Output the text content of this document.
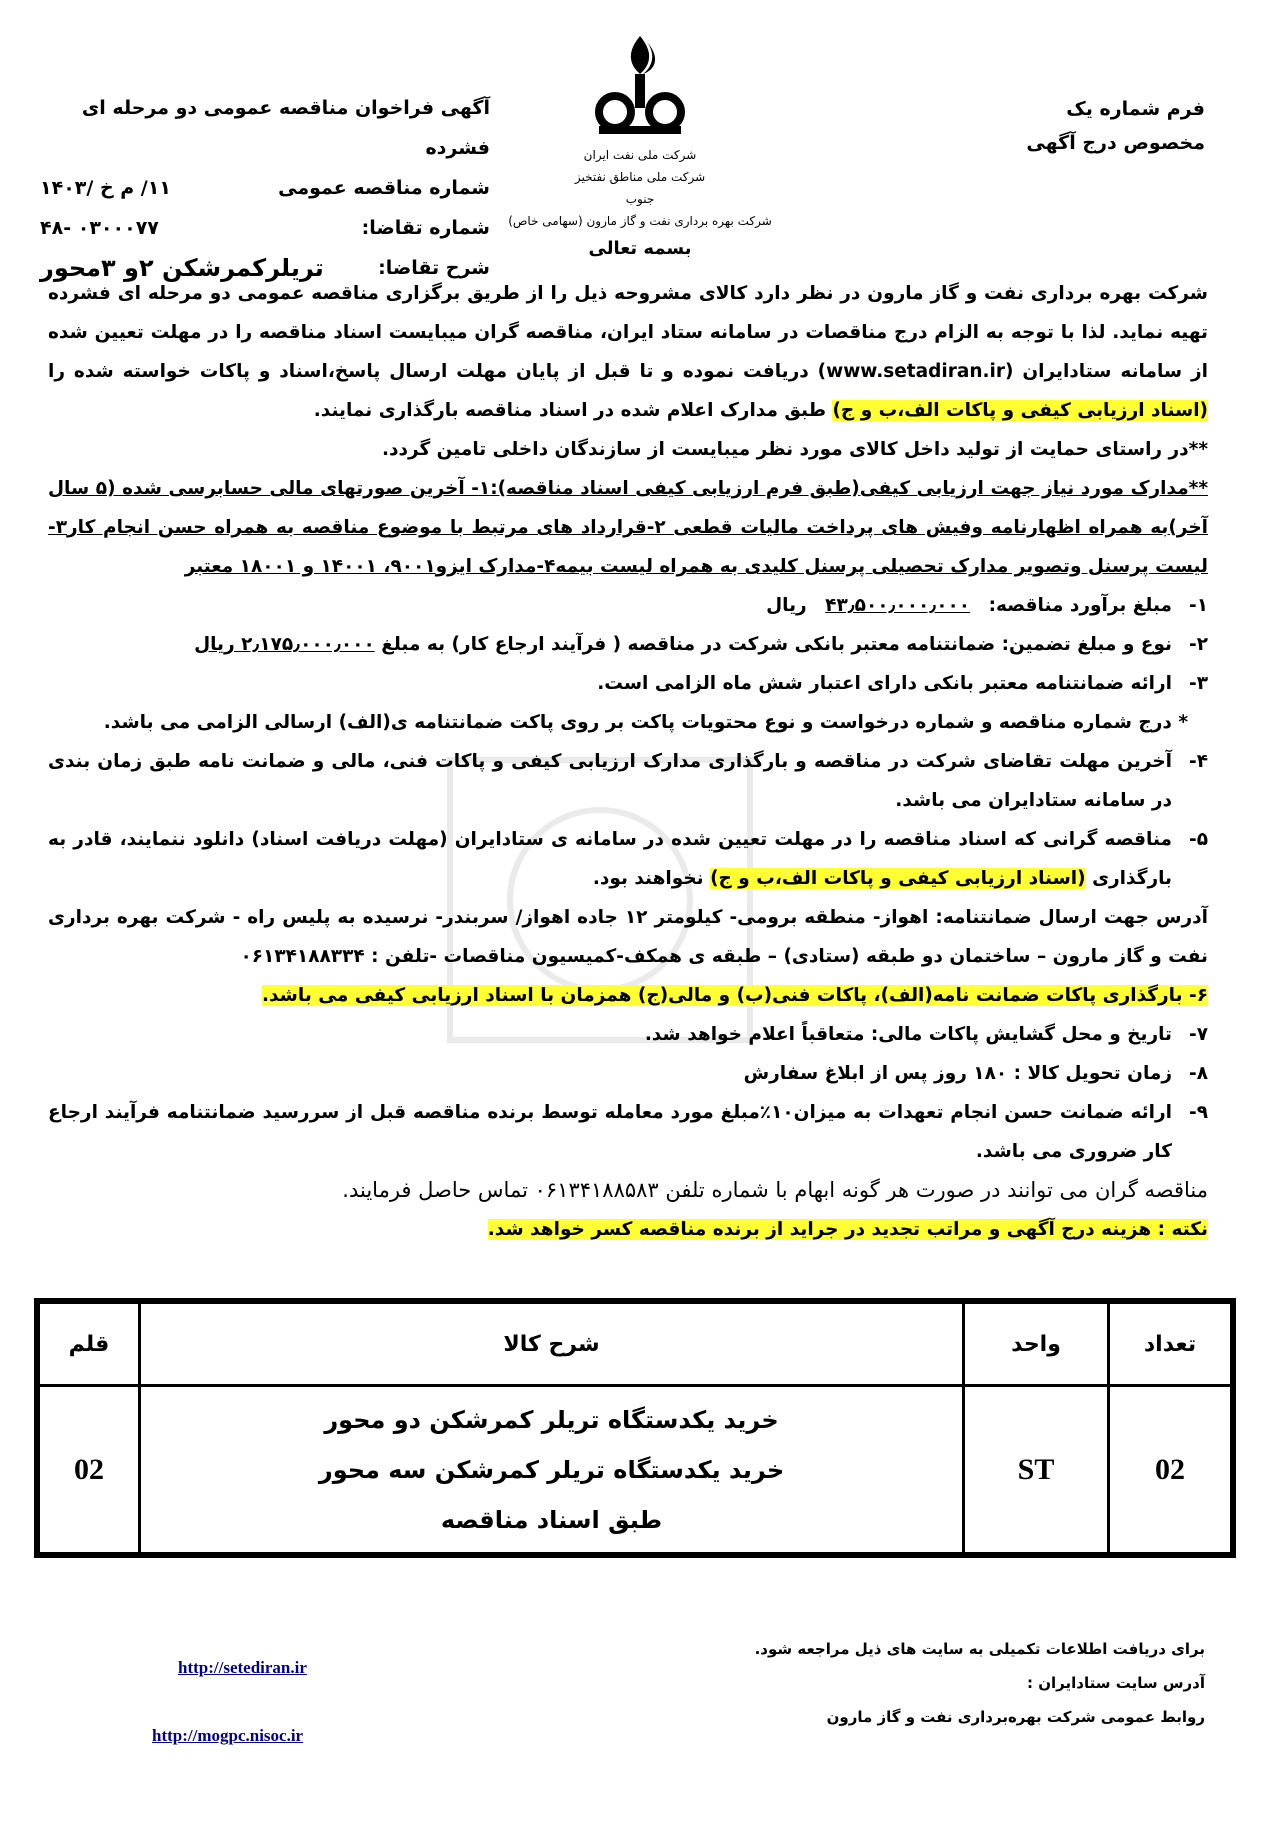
فرم شماره یک
مخصوص درج آگهی
شرکت ملی نفت ایران
شرکت ملی مناطق نفتخیز جنوب
شرکت بهره برداری نفت و گاز مارون (سهامی خاص)
بسمه تعالی
آگهی فراخوان مناقصه عمومی دو مرحله ای فشرده
شماره مناقصه عمومی
۱۱/ م خ /۱۴۰۳
شماره تقاضا:
۰۳۰۰۰۷۷ -۴۸
شرح تقاضا:
تریلرکمرشکن ۲و ۳محور

شرکت بهره برداری نفت و گاز مارون در نظر دارد کالای مشروحه ذیل را از طریق برگزاری مناقصه عمومی دو مرحله ای فشرده تهیه نماید. لذا با توجه به الزام درج مناقصات در سامانه ستاد ایران، مناقصه گران میبایست اسناد مناقصه را در مهلت تعیین شده از سامانه ستادایران (www.setadiran.ir) دریافت نموده و تا قبل از پایان مهلت ارسال پاسخ،اسناد و پاکات خواسته شده را (اسناد ارزیابی کیفی و پاکات الف،ب و ج) طبق مدارک اعلام شده در اسناد مناقصه بارگذاری نمایند.

**در راستای حمایت از تولید داخل کالای مورد نظر میبایست از سازندگان داخلی تامین گردد.

**مدارک مورد نیاز جهت ارزیابی کیفی(طبق فرم ارزیابی کیفی اسناد مناقصه):۱- آخرین صورتهای مالی حسابرسی شده (۵ سال آخر)به همراه اظهارنامه وفیش های پرداخت مالیات قطعی ۲-قرارداد های مرتبط با موضوع مناقصه به همراه حسن انجام کار۳- لیست پرسنل وتصویر مدارک تحصیلی پرسنل کلیدی به همراه لیست بیمه۴-مدارک ایزو۹۰۰۱، ۱۴۰۰۱ و ۱۸۰۰۱ معتبر

۱-
مبلغ برآورد مناقصه: ۴۳٫۵۰۰٫۰۰۰٫۰۰۰ ریال
۲-
نوع و مبلغ تضمین: ضمانتنامه معتبر بانکی شرکت در مناقصه ( فرآیند ارجاع کار) به مبلغ ۲٫۱۷۵٫۰۰۰٫۰۰۰ ریال
۳-
ارائه ضمانتنامه معتبر بانکی دارای اعتبار شش ماه الزامی است.

* درج شماره مناقصه و شماره درخواست و نوع محتویات پاکت بر روی پاکت ضمانتنامه ی(الف) ارسالی الزامی می باشد.

۴-
آخرین مهلت تقاضای شرکت در مناقصه و بارگذاری مدارک ارزیابی کیفی و پاکات فنی، مالی و ضمانت نامه طبق زمان بندی در سامانه ستادایران می باشد.
۵-
مناقصه گرانی که اسناد مناقصه را در مهلت تعیین شده در سامانه ی ستادایران (مهلت دریافت اسناد) دانلود ننمایند، قادر به بارگذاری (اسناد ارزیابی کیفی و پاکات الف،ب و ج) نخواهند بود.

آدرس جهت ارسال ضمانتنامه: اهواز- منطقه برومی- کیلومتر ۱۲ جاده اهواز/ سربندر- نرسیده به پلیس راه - شرکت بهره برداری نفت و گاز مارون – ساختمان دو طبقه (ستادی) – طبقه ی همکف-کمیسیون مناقصات -تلفن : ۰۶۱۳۴۱۸۸۳۳۴

۶- بارگذاری پاکات ضمانت نامه(الف)، پاکات فنی(ب) و مالی(ج) همزمان با اسناد ارزیابی کیفی می باشد.

۷-
تاریخ و محل گشایش پاکات مالی: متعاقباً اعلام خواهد شد.
۸-
زمان تحویل کالا : ۱۸۰ روز پس از ابلاغ سفارش
۹-
ارائه ضمانت حسن انجام تعهدات به میزان۱۰٪مبلغ مورد معامله توسط برنده مناقصه قبل از سررسید ضمانتنامه فرآیند ارجاع کار ضروری می باشد.

مناقصه گران می توانند در صورت هر گونه ابهام با شماره تلفن ۰۶۱۳۴۱۸۸۵۸۳ تماس حاصل فرمایند.

نکته : هزینه درج آگهی و مراتب تجدید در جراید از برنده مناقصه کسر خواهد شد.

تعداد	واحد	شرح کالا	قلم
02	ST	خرید یکدستگاه تریلر کمرشکن دو محور
خرید یکدستگاه تریلر کمرشکن سه محور
طبق اسناد مناقصه	02
برای دریافت اطلاعات تکمیلی به سایت های ذیل مراجعه شود.
آدرس سایت ستادایران :
روابط عمومی شرکت بهره‌برداری نفت و گاز مارون
http://setediran.ir
http://mogpc.nisoc.ir
